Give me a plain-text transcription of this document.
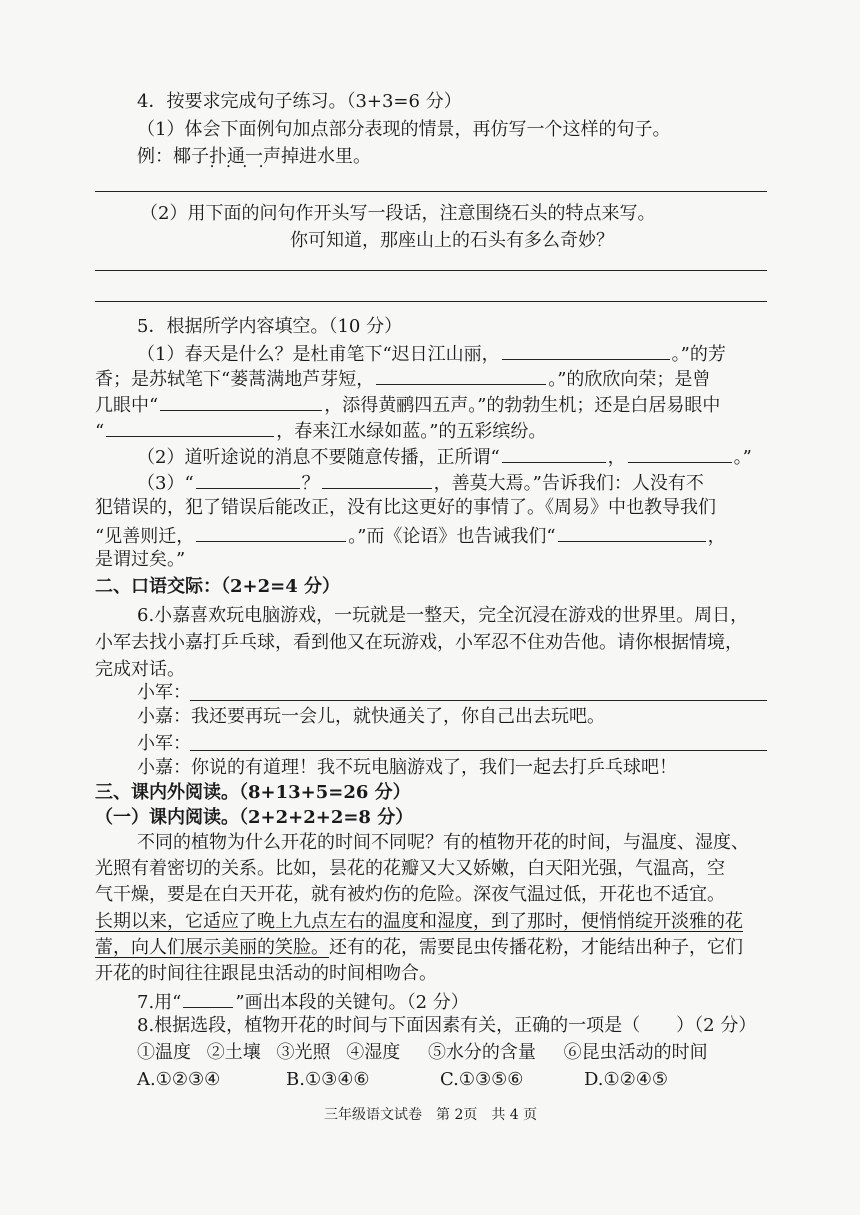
4．按要求完成句子练习。（3+3=6 分）
（1）体会下面例句加点部分表现的情景，再仿写一个这样的句子。
例：椰子扑通一声 • • • •掉进水里。
（2）用下面的问句作开头写一段话，注意围绕石头的特点来写。
你可知道，那座山上的石头有多么奇妙？
5．根据所学内容填空。（10 分）
（1）春天是什么？是杜甫笔下“迟日江山丽，	。”的芳
香；是苏轼笔下“蒌蒿满地芦芽短，	。”的欣欣向荣；是曾
几眼中“	，添得黄鹂四五声。”的勃勃生机；还是白居易眼中
“	，春来江水绿如蓝。”的五彩缤纷。
（2）道听途说的消息不要随意传播，正所谓“	，	。”
（3）“	？	，善莫大焉。”告诉我们：人没有不
犯错误的，犯了错误后能改正，没有比这更好的事情了。《周易》中也教导我们
“见善则迁，	。”而《论语》也告诫我们“	，
是谓过矣。”
二、口语交际：（2+2=4 分）
6.小嘉喜欢玩电脑游戏，一玩就是一整天，完全沉浸在游戏的世界里。周日，
小军去找小嘉打乒乓球，看到他又在玩游戏，小军忍不住劝告他。请你根据情境，
完成对话。
小军：
小嘉：我还要再玩一会儿，就快通关了，你自己出去玩吧。
小军：
小嘉：你说的有道理！我不玩电脑游戏了，我们一起去打乒乓球吧！
三、课内外阅读。（8+13+5=26 分）
（一）课内阅读。（2+2+2+2=8 分）
不同的植物为什么开花的时间不同呢？有的植物开花的时间，与温度、湿度、
光照有着密切的关系。比如，昙花的花瓣又大又娇嫩，白天阳光强，气温高，空
气干燥，要是在白天开花，就有被灼伤的危险。深夜气温过低，开花也不适宜。
长期以来，它适应了晚上九点左右的温度和湿度，到了那时，便悄悄绽开淡雅的花
蕾，向人们展示美丽的笑脸。还有的花，需要昆虫传播花粉，才能结出种子，它们
开花的时间往往跟昆虫活动的时间相吻合。
7.用“	”画出本段的关键句。（2 分）
8.根据选段，植物开花的时间与下面因素有关，正确的一项是（　　）（2 分）
①温度 ②土壤 ③光照 ④湿度 ⑤水分的含量 ⑥昆虫活动的时间
A.①②③④	B.①③④⑥	C.①③⑤⑥	D.①②④⑤
三年级语文试卷　第 2页　共 4 页
